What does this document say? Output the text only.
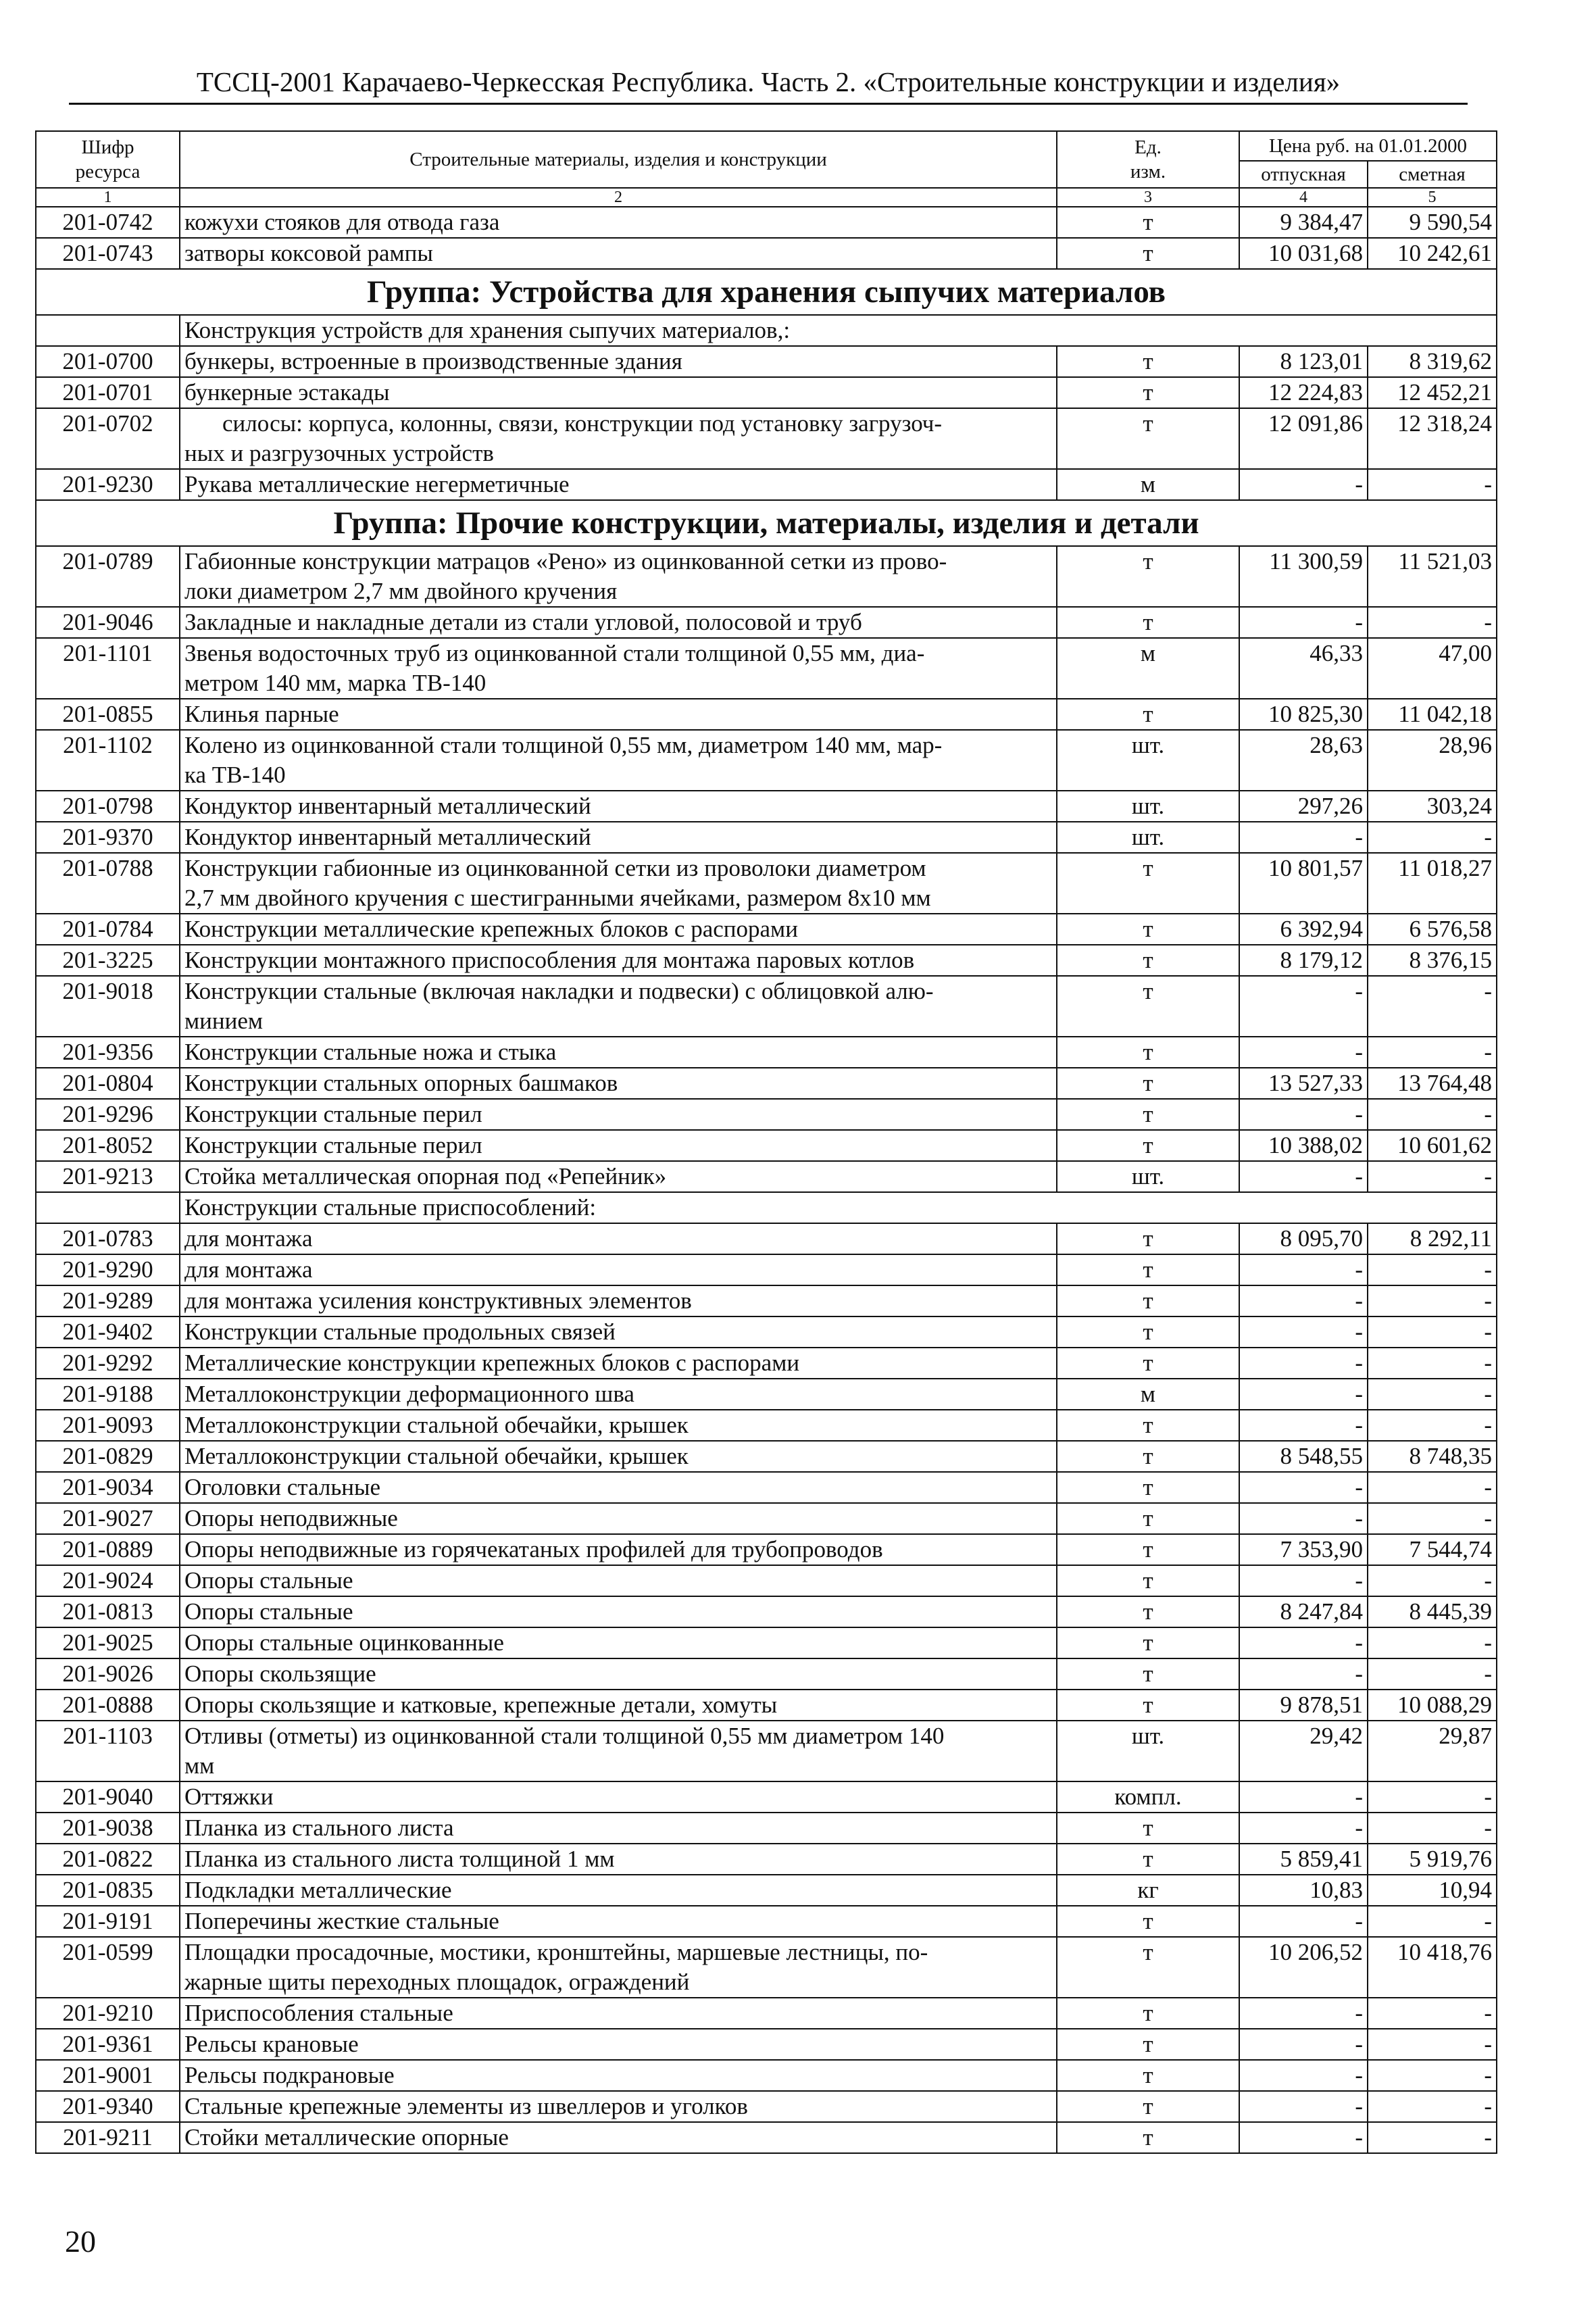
ТССЦ-2001 Карачаево-Черкесская Республика. Часть 2. «Строительные конструкции и изделия»
Шифр
ресурса	Строительные материалы, изделия и конструкции	Ед.
изм.	Цена руб. на 01.01.2000	
			отпускная	сметная
1	2	3	4	5
201-0742	кожухи стояков для отвода газа	т	9 384,47	9 590,54
201-0743	затворы коксовой рампы	т	10 031,68	10 242,61
Группа: Устройства для хранения сыпучих материалов				
	Конструкция устройств для хранения сыпучих материалов,:			
201-0700	бункеры, встроенные в производственные здания	т	8 123,01	8 319,62
201-0701	бункерные эстакады	т	12 224,83	12 452,21
201-0702	силосы: корпуса, колонны, связи, конструкции под установку загрузоч-
ных и разгрузочных устройств	т	12 091,86	12 318,24
201-9230	Рукава металлические негерметичные	м	-	-
Группа: Прочие конструкции, материалы, изделия и детали				
201-0789	Габионные конструкции матрацов «Рено» из оцинкованной сетки из прово-
локи диаметром 2,7 мм двойного кручения	т	11 300,59	11 521,03
201-9046	Закладные и накладные детали из стали угловой, полосовой и труб	т	-	-
201-1101	Звенья водосточных труб из оцинкованной стали толщиной 0,55 мм, диа-
метром 140 мм, марка ТВ-140	м	46,33	47,00
201-0855	Клинья парные	т	10 825,30	11 042,18
201-1102	Колено из оцинкованной стали толщиной 0,55 мм, диаметром 140 мм, мар-
ка ТВ-140	шт.	28,63	28,96
201-0798	Кондуктор инвентарный металлический	шт.	297,26	303,24
201-9370	Кондуктор инвентарный металлический	шт.	-	-
201-0788	Конструкции габионные из оцинкованной сетки из проволоки диаметром
2,7 мм двойного кручения с шестигранными ячейками, размером 8х10 мм	т	10 801,57	11 018,27
201-0784	Конструкции металлические крепежных блоков с распорами	т	6 392,94	6 576,58
201-3225	Конструкции монтажного приспособления для монтажа паровых котлов	т	8 179,12	8 376,15
201-9018	Конструкции стальные (включая накладки и подвески) с облицовкой алю-
минием	т	-	-
201-9356	Конструкции стальные ножа и стыка	т	-	-
201-0804	Конструкции стальных опорных башмаков	т	13 527,33	13 764,48
201-9296	Конструкции стальные перил	т	-	-
201-8052	Конструкции стальные перил	т	10 388,02	10 601,62
201-9213	Стойка металлическая опорная под «Репейник»	шт.	-	-
	Конструкции стальные приспособлений:			
201-0783	для монтажа	т	8 095,70	8 292,11
201-9290	для монтажа	т	-	-
201-9289	для монтажа усиления конструктивных элементов	т	-	-
201-9402	Конструкции стальные продольных связей	т	-	-
201-9292	Металлические конструкции крепежных блоков с распорами	т	-	-
201-9188	Металлоконструкции деформационного шва	м	-	-
201-9093	Металлоконструкции стальной обечайки, крышек	т	-	-
201-0829	Металлоконструкции стальной обечайки, крышек	т	8 548,55	8 748,35
201-9034	Оголовки стальные	т	-	-
201-9027	Опоры неподвижные	т	-	-
201-0889	Опоры неподвижные из горячекатаных профилей для трубопроводов	т	7 353,90	7 544,74
201-9024	Опоры стальные	т	-	-
201-0813	Опоры стальные	т	8 247,84	8 445,39
201-9025	Опоры стальные оцинкованные	т	-	-
201-9026	Опоры скользящие	т	-	-
201-0888	Опоры скользящие и катковые, крепежные детали, хомуты	т	9 878,51	10 088,29
201-1103	Отливы (отметы) из оцинкованной стали толщиной 0,55 мм диаметром 140
мм	шт.	29,42	29,87
201-9040	Оттяжки	компл.	-	-
201-9038	Планка из стального листа	т	-	-
201-0822	Планка из стального листа толщиной 1 мм	т	5 859,41	5 919,76
201-0835	Подкладки металлические	кг	10,83	10,94
201-9191	Поперечины жесткие стальные	т	-	-
201-0599	Площадки просадочные, мостики, кронштейны, маршевые лестницы, по-
жарные щиты переходных площадок, ограждений	т	10 206,52	10 418,76
201-9210	Приспособления стальные	т	-	-
201-9361	Рельсы крановые	т	-	-
201-9001	Рельсы подкрановые	т	-	-
201-9340	Стальные крепежные элементы из швеллеров и уголков	т	-	-
201-9211	Стойки металлические опорные	т	-	-
20
